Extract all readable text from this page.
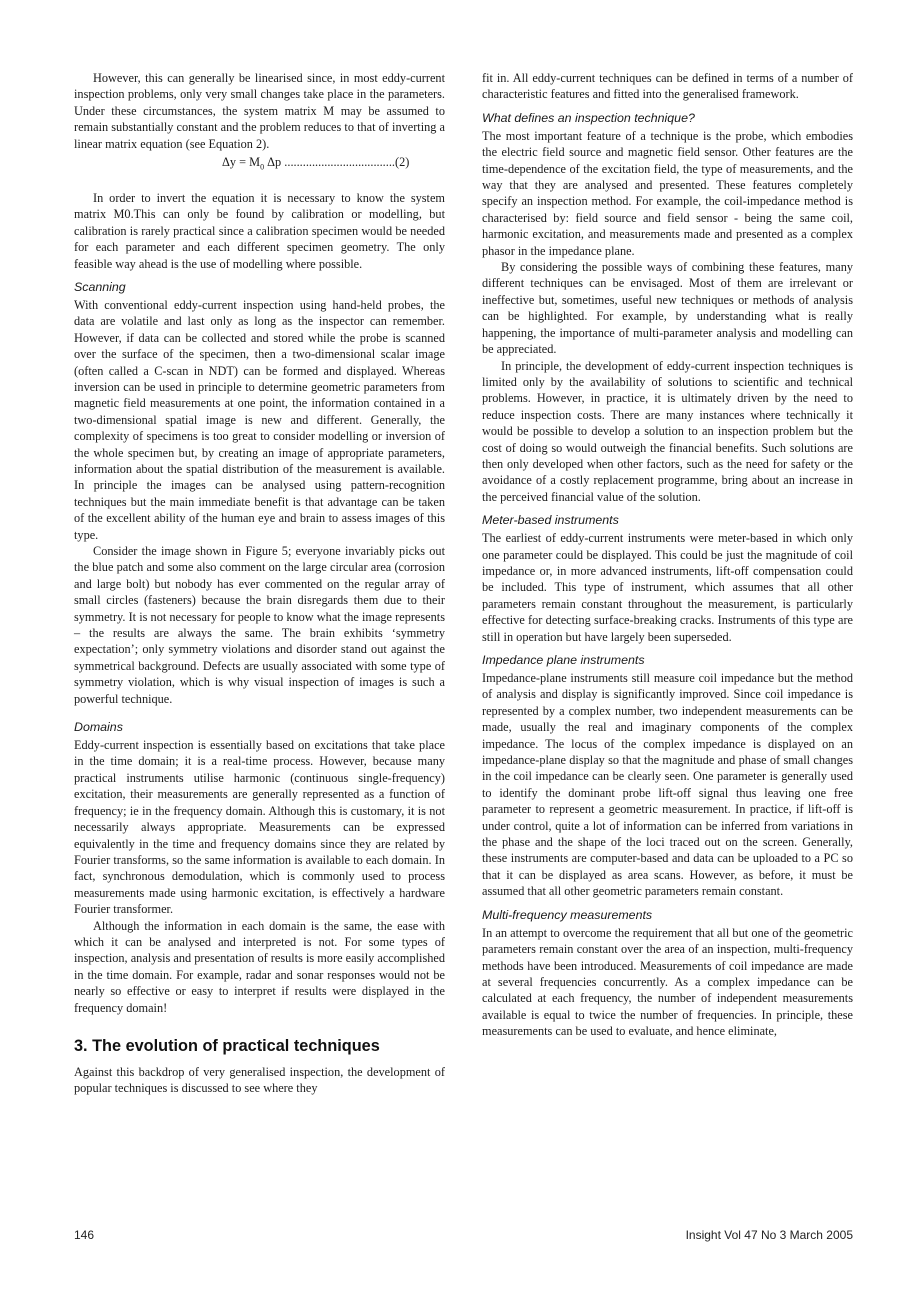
However, this can generally be linearised since, in most eddy-current inspection problems, only very small changes take place in the parameters. Under these circumstances, the system matrix M may be assumed to remain substantially constant and the problem reduces to that of inverting a linear matrix equation (see Equation 2).

$\Delta y = M_0$ Δp ....................................(2)

In order to invert the equation it is necessary to know the system matrix M0.This can only be found by calibration or modelling, but calibration is rarely practical since a calibration specimen would be needed for each parameter and each different specimen geometry. The only feasible way ahead is the use of modelling where possible.

Scanning

With conventional eddy-current inspection using hand-held probes, the data are volatile and last only as long as the inspector can remember. However, if data can be collected and stored while the probe is scanned over the surface of the specimen, then a two-dimensional scalar image (often called a C-scan in NDT) can be formed and displayed. Whereas inversion can be used in principle to determine geometric parameters from magnetic field measurements at one point, the information contained in a two-dimensional spatial image is new and different. Generally, the complexity of specimens is too great to consider modelling or inversion of the whole specimen but, by creating an image of appropriate parameters, information about the spatial distribution of the measurement is available. In principle the images can be analysed using pattern-recognition techniques but the main immediate benefit is that advantage can be taken of the excellent ability of the human eye and brain to assess images of this type.

Consider the image shown in Figure 5; everyone invariably picks out the blue patch and some also comment on the large circular area (corrosion and large bolt) but nobody has ever commented on the regular array of small circles (fasteners) because the brain disregards them due to their symmetry. It is not necessary for people to know what the image represents – the results are always the same. The brain exhibits ‘symmetry expectation’; only symmetry violations and disorder stand out against the symmetrical background. Defects are usually associated with some type of symmetry violation, which is why visual inspection of images is such a powerful technique.

Domains

Eddy-current inspection is essentially based on excitations that take place in the time domain; it is a real-time process. However, because many practical instruments utilise harmonic (continuous single-frequency) excitation, their measurements are generally represented as a function of frequency; ie in the frequency domain. Although this is customary, it is not necessarily always appropriate. Measurements can be expressed equivalently in the time and frequency domains since they are related by Fourier transforms, so the same information is available to each domain. In fact, synchronous demodulation, which is commonly used to process measurements made using harmonic excitation, is effectively a hardware Fourier transformer.

Although the information in each domain is the same, the ease with which it can be analysed and interpreted is not. For some types of inspection, analysis and presentation of results is more easily accomplished in the time domain. For example, radar and sonar responses would not be nearly so effective or easy to interpret if results were displayed in the frequency domain!

3. The evolution of practical techniques

Against this backdrop of very generalised inspection, the development of popular techniques is discussed to see where they

fit in. All eddy-current techniques can be defined in terms of a number of characteristic features and fitted into the generalised framework.

What defines an inspection technique?

The most important feature of a technique is the probe, which embodies the electric field source and magnetic field sensor. Other features are the time-dependence of the excitation field, the type of measurements, and the way that they are analysed and presented. These features completely specify an inspection method. For example, the coil-impedance method is characterised by: field source and field sensor - being the same coil, harmonic excitation, and measurements made and presented as a complex phasor in the impedance plane.

By considering the possible ways of combining these features, many different techniques can be envisaged. Most of them are irrelevant or ineffective but, sometimes, useful new techniques or methods of analysis can be highlighted. For example, by understanding what is really happening, the importance of multi-parameter analysis and modelling can be appreciated.

In principle, the development of eddy-current inspection techniques is limited only by the availability of solutions to scientific and technical problems. However, in practice, it is ultimately driven by the need to reduce inspection costs. There are many instances where technically it would be possible to develop a solution to an inspection problem but the cost of doing so would outweigh the financial benefits. Such solutions are then only developed when other factors, such as the need for safety or the avoidance of a costly replacement programme, bring about an increase in the perceived financial value of the solution.

Meter-based instruments

The earliest of eddy-current instruments were meter-based in which only one parameter could be displayed. This could be just the magnitude of coil impedance or, in more advanced instruments, lift-off compensation could be included. This type of instrument, which assumes that all other parameters remain constant throughout the measurement, is particularly effective for detecting surface-breaking cracks. Instruments of this type are still in operation but have largely been superseded.

Impedance plane instruments

Impedance-plane instruments still measure coil impedance but the method of analysis and display is significantly improved. Since coil impedance is represented by a complex number, two independent measurements can be made, usually the real and imaginary components of the complex impedance. The locus of the complex impedance is displayed on an impedance-plane display so that the magnitude and phase of small changes in the coil impedance can be clearly seen. One parameter is generally used to identify the dominant probe lift-off signal thus leaving one free parameter to represent a geometric measurement. In practice, if lift-off is under control, quite a lot of information can be inferred from variations in the phase and the shape of the loci traced out on the screen. Generally, these instruments are computer-based and data can be uploaded to a PC so that it can be displayed as area scans. However, as before, it must be assumed that all other geometric parameters remain constant.

Multi-frequency measurements

In an attempt to overcome the requirement that all but one of the geometric parameters remain constant over the area of an inspection, multi-frequency methods have been introduced. Measurements of coil impedance are made at several frequencies concurrently. As a complex impedance can be calculated at each frequency, the number of independent measurements available is equal to twice the number of frequencies. In principle, these measurements can be used to evaluate, and hence eliminate,

146	Insight Vol 47 No 3 March 2005
